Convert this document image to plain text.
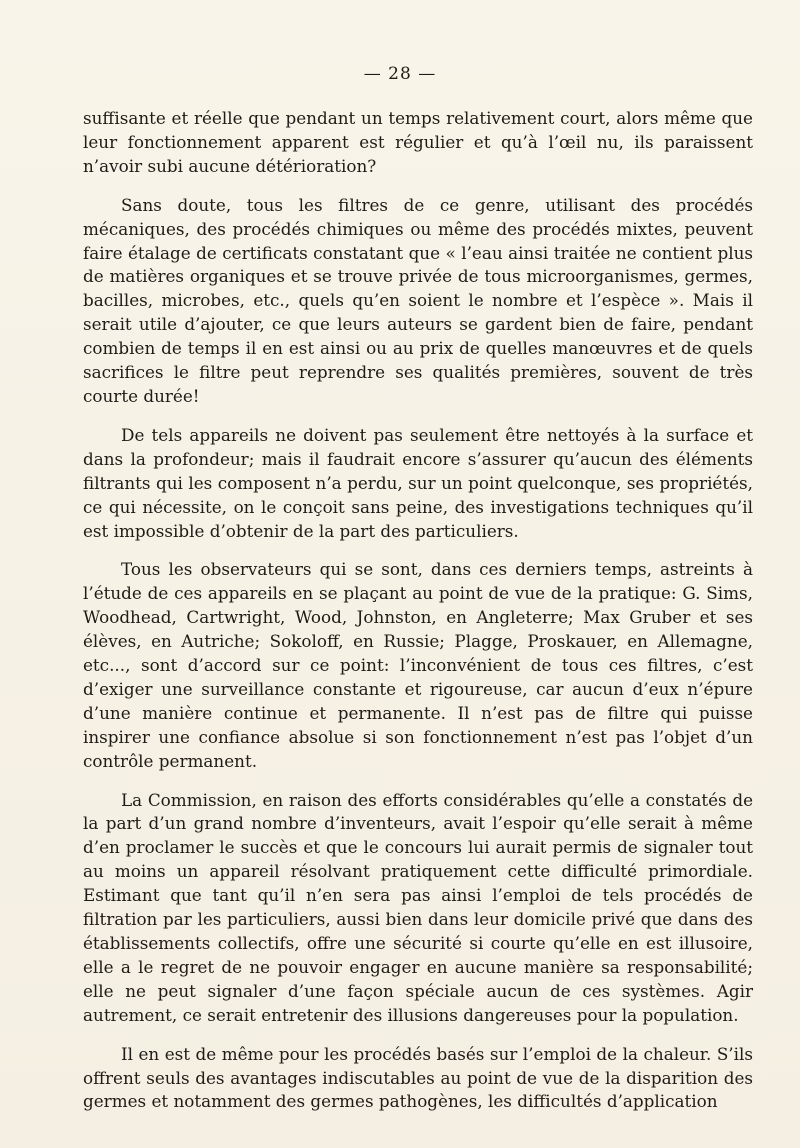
— 28 —

suffisante et réelle que pendant un temps relativement court, alors même que leur fonctionnement apparent est régulier et qu’à l’œil nu, ils paraissent n’avoir subi aucune détérioration?

Sans doute, tous les filtres de ce genre, utilisant des procédés mécaniques, des procédés chimiques ou même des procédés mixtes, peuvent faire étalage de certificats constatant que « l’eau ainsi traitée ne contient plus de matières organiques et se trouve privée de tous microorganismes, germes, bacilles, microbes, etc., quels qu’en soient le nombre et l’espèce ». Mais il serait utile d’ajouter, ce que leurs auteurs se gardent bien de faire, pendant combien de temps il en est ainsi ou au prix de quelles manœuvres et de quels sacrifices le filtre peut reprendre ses qualités premières, souvent de très courte durée!

De tels appareils ne doivent pas seulement être nettoyés à la surface et dans la profondeur; mais il faudrait encore s’assurer qu’aucun des éléments filtrants qui les composent n’a perdu, sur un point quelconque, ses propriétés, ce qui nécessite, on le conçoit sans peine, des investigations techniques qu’il est impossible d’obtenir de la part des particuliers.

Tous les observateurs qui se sont, dans ces derniers temps, astreints à l’étude de ces appareils en se plaçant au point de vue de la pratique: G. Sims, Woodhead, Cartwright, Wood, Johnston, en Angleterre; Max Gruber et ses élèves, en Autriche; Sokoloff, en Russie; Plagge, Proskauer, en Allemagne, etc..., sont d’accord sur ce point: l’inconvénient de tous ces filtres, c’est d’exiger une surveillance constante et rigoureuse, car aucun d’eux n’épure d’une manière continue et permanente. Il n’est pas de filtre qui puisse inspirer une confiance absolue si son fonctionnement n’est pas l’objet d’un contrôle permanent.

La Commission, en raison des efforts considérables qu’elle a constatés de la part d’un grand nombre d’inventeurs, avait l’espoir qu’elle serait à même d’en proclamer le succès et que le concours lui aurait permis de signaler tout au moins un appareil résolvant pratiquement cette difficulté primordiale. Estimant que tant qu’il n’en sera pas ainsi l’emploi de tels procédés de filtration par les particuliers, aussi bien dans leur domicile privé que dans des établissements collectifs, offre une sécurité si courte qu’elle en est illusoire, elle a le regret de ne pouvoir engager en aucune manière sa responsabilité; elle ne peut signaler d’une façon spéciale aucun de ces systèmes. Agir autrement, ce serait entretenir des illusions dangereuses pour la population.

Il en est de même pour les procédés basés sur l’emploi de la chaleur. S’ils offrent seuls des avantages indiscutables au point de vue de la disparition des germes et notamment des germes pathogènes, les difficultés d’application
